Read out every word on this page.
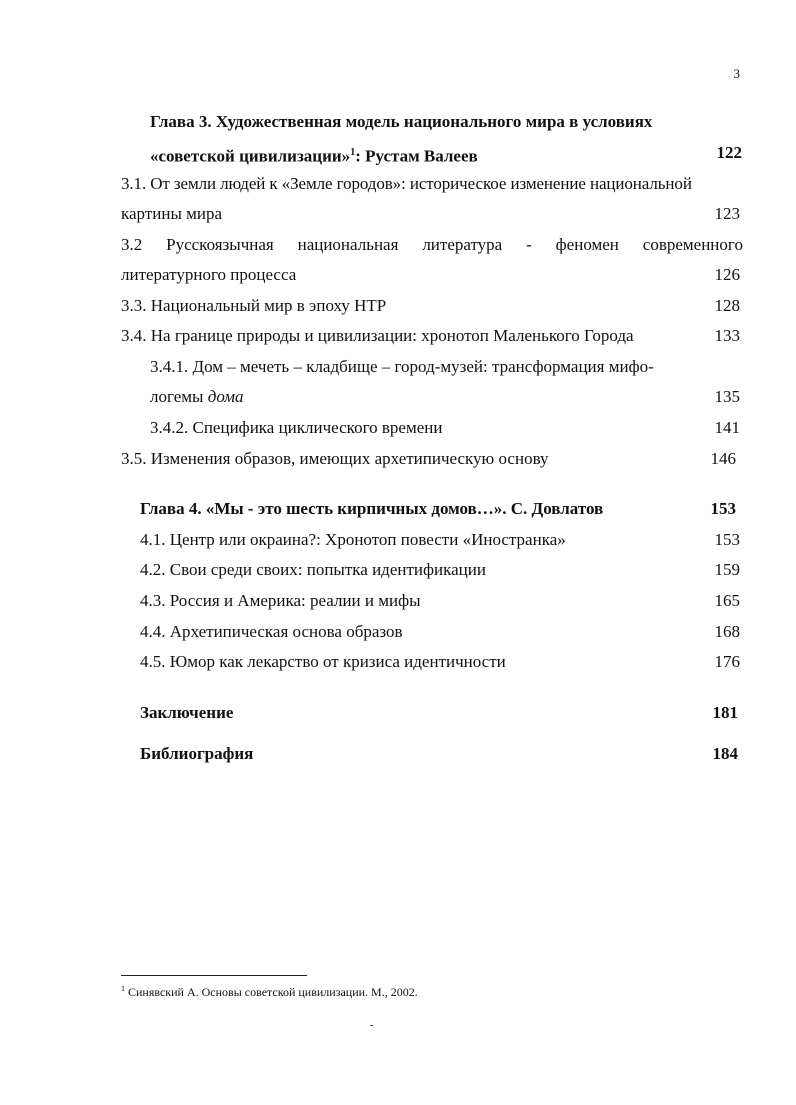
3
Глава 3. Художественная модель национального мира в условиях
«советской цивилизации»$^1$: Рустам Валеев	122
3.1. От земли людей к «Земле городов»: историческое изменение национальной
картины мира	123
3.2 Русскоязычная национальная литература - феномен современного
литературного процесса	126
3.3. Национальный мир в эпоху НТР	128
3.4. На границе природы и цивилизации: хронотоп Маленького Города	133
3.4.1. Дом – мечеть – кладбище – город-музей: трансформация мифо-
логемы дома	135
3.4.2. Специфика циклического времени	141
3.5. Изменения образов, имеющих архетипическую основу	146
Глава 4. «Мы - это шесть кирпичных домов…». С. Довлатов	153
4.1. Центр или окраина?: Хронотоп повести «Иностранка»	153
4.2. Свои среди своих: попытка идентификации	159
4.3. Россия и Америка: реалии и мифы	165
4.4. Архетипическая основа образов	168
4.5. Юмор как лекарство от кризиса идентичности	176
Заключение	181
Библиография	184
$^1$ Синявский А. Основы советской цивилизации. М., 2002.
-
